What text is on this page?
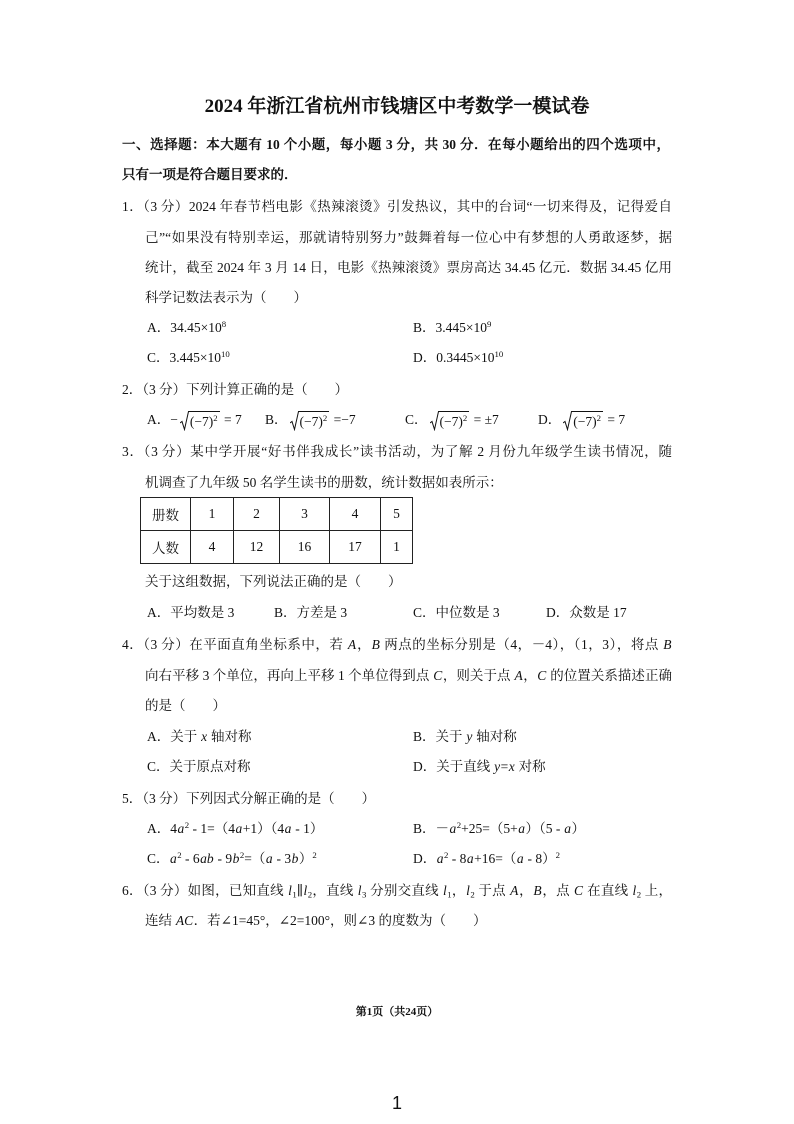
2024 年浙江省杭州市钱塘区中考数学一模试卷
一、选择题：本大题有 10 个小题，每小题 3 分，共 30 分．在每小题给出的四个选项中，
只有一项是符合题目要求的．
1．（3 分）2024 年春节档电影《热辣滚烫》引发热议，其中的台词“一切来得及，记得爱自
己”“如果没有特别幸运，那就请特别努力”鼓舞着每一位心中有梦想的人勇敢逐梦，据
统计，截至 2024 年 3 月 14 日，电影《热辣滚烫》票房高达 34.45 亿元．数据 34.45 亿用
科学记数法表示为（　　）
A．$34.45\times 10^8$	B．$3.445\times 10^9$
C．$3.445\times 10^{10}$	D．$0.3445\times 10^{10}$
2．（3 分）下列计算正确的是（　　）
A．− $(-7)^2 = 7$ B． $(-7)^2 =-7$	C． $(-7)^2 = \pm 7$	D． $(-7)^2 = 7$
3．（3 分）某中学开展“好书伴我成长”读书活动，为了解 2 月份九年级学生读书情况，随
机调查了九年级 50 名学生读书的册数，统计数据如表所示：
册数	1	2	3	4	5
人数	4	12	16	17	1
关于这组数据，下列说法正确的是（　　）
A．平均数是 3	B．方差是 3	C．中位数是 3	D．众数是 17
4．（3 分）在平面直角坐标系中，若 A，B 两点的坐标分别是（4，－4），（1，3），将点 B
向右平移 3 个单位，再向上平移 1 个单位得到点 C，则关于点 A，C 的位置关系描述正确
的是（　　）
A．关于 x 轴对称	B．关于 y 轴对称
C．关于原点对称	D．关于直线 y=x 对称
5．（3 分）下列因式分解正确的是（　　）
A．$4a^2 - 1=(4a+1)(4a - 1)$	B．$-a^2+25=(5+a)(5 - a)$
C．$a^2 - 6ab - 9b^2=(a - 3b)^2$	D．$a^2 - 8a+16=(a - 8)^2$
6．（3 分）如图，已知直线 $l_1\parallel l_2$，直线 $l_3$ 分别交直线 $l_1$，$l_2$ 于点 A，B，点 C 在直线 $l_2$ 上，
连结 AC．若∠1=45°，∠2=100°，则∠3 的度数为（　　）
第1页（共24页）
1
